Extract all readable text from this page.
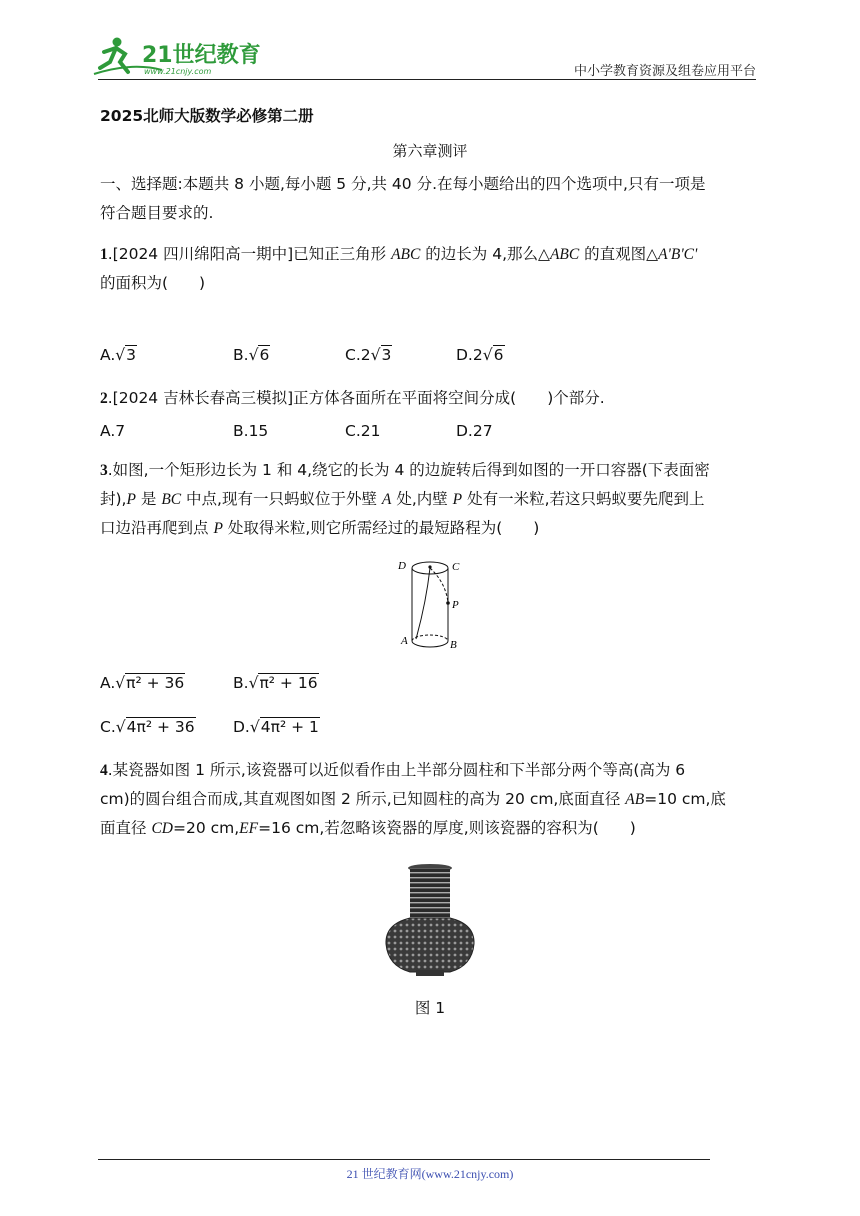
21世纪教育
www.21cnjy.com	中小学教育资源及组卷应用平台
2025北师大版数学必修第二册
第六章测评
一、选择题:本题共 8 小题,每小题 5 分,共 40 分.在每小题给出的四个选项中,只有一项是
符合题目要求的.
1.[2024 四川绵阳高一期中]已知正三角形 ABC 的边长为 4,那么△ABC 的直观图△A'B'C'
的面积为(　　)
A.√3	B.√6	C.2√3	D.2√6
2.[2024 吉林长春高三模拟]正方体各面所在平面将空间分成(　　)个部分.
A.7	B.15	C.21	D.27
3.如图,一个矩形边长为 1 和 4,绕它的长为 4 的边旋转后得到如图的一开口容器(下表面密
封),P 是 BC 中点,现有一只蚂蚁位于外壁 A 处,内壁 P 处有一米粒,若这只蚂蚁要先爬到上
口边沿再爬到点 P 处取得米粒,则它所需经过的最短路程为(　　)
D	C
P
A	B
A.√π² + 36	B.√π² + 16
C.√4π² + 36 D.√4π² + 1
4.某瓷器如图 1 所示,该瓷器可以近似看作由上半部分圆柱和下半部分两个等高(高为 6
cm)的圆台组合而成,其直观图如图 2 所示,已知圆柱的高为 20 cm,底面直径 AB=10 cm,底
面直径 CD=20 cm,EF=16 cm,若忽略该瓷器的厚度,则该瓷器的容积为(　　)
图 1
21 世纪教育网(www.21cnjy.com)
